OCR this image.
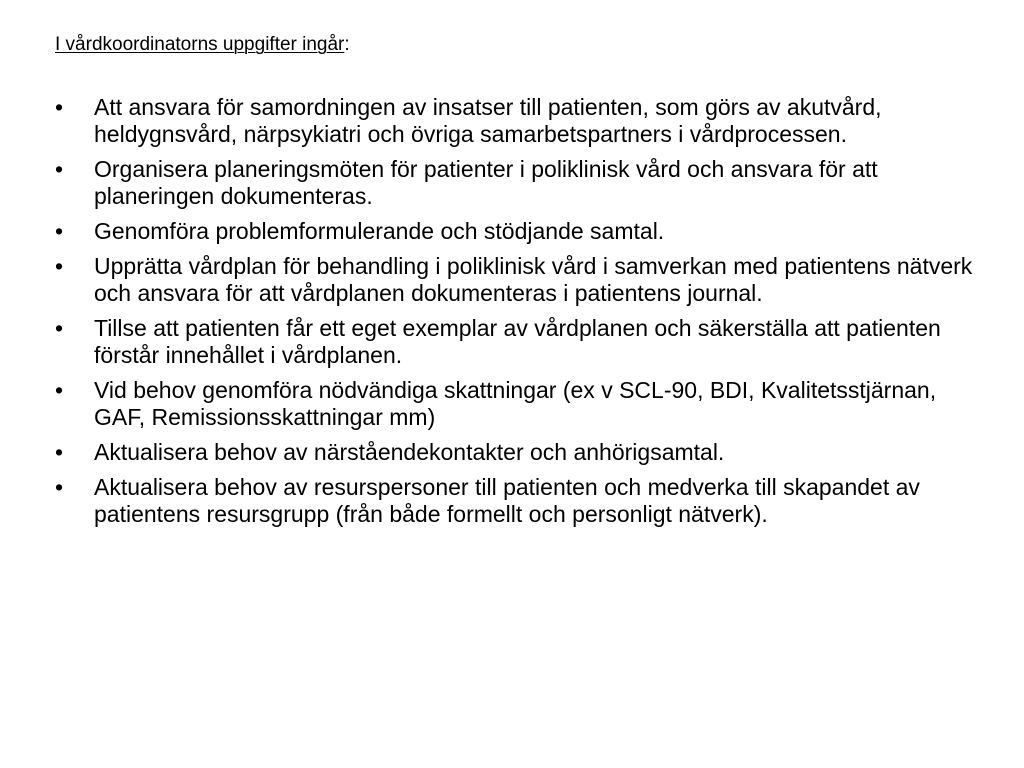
I vårdkoordinatorns uppgifter ingår:

•	Att ansvara för samordningen av insatser till patienten, som görs av akutvård, heldygnsvård, närpsykiatri och övriga samarbetspartners i vårdprocessen.
•	Organisera planeringsmöten för patienter i poliklinisk vård och ansvara för att planeringen dokumenteras.
•	Genomföra problemformulerande och stödjande samtal.
•	Upprätta vårdplan för behandling i poliklinisk vård i samverkan med patientens nätverk och ansvara för att vårdplanen dokumenteras i patientens journal.
•	Tillse att patienten får ett eget exemplar av vårdplanen och säkerställa att patienten förstår innehållet i vårdplanen.
•	Vid behov genomföra nödvändiga skattningar (ex v SCL-90, BDI, Kvalitetsstjärnan, GAF, Remissionsskattningar mm)
•	Aktualisera behov av närståendekontakter och anhörigsamtal.
•	Aktualisera behov av resurspersoner till patienten och medverka till skapandet av patientens resursgrupp (från både formellt och personligt nätverk).
